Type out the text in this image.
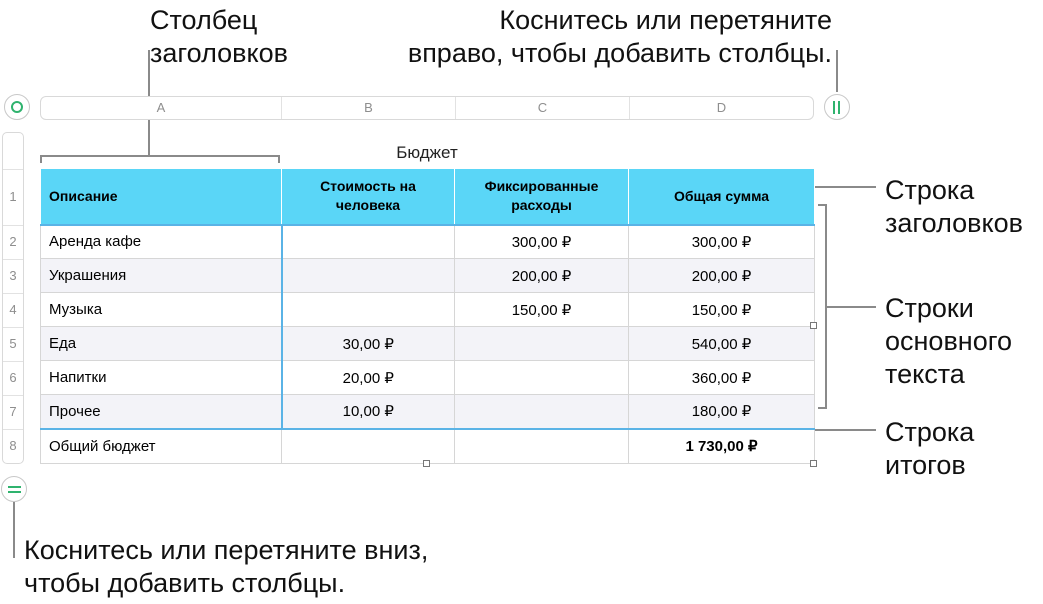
Столбец
заголовков
Коснитесь или перетяните
вправо, чтобы добавить столбцы.
Строка
заголовков
Строки
основного
текста
Строка
итогов
Коснитесь или перетяните вниз,
чтобы добавить столбцы.
A	B	C	D
1
2
3
4
5
6
7
8
Бюджет
Описание	Стоимость на человека	Фиксированные расходы	Общая сумма
Аренда кафе		300,00 ₽	300,00 ₽
Украшения		200,00 ₽	200,00 ₽
Музыка		150,00 ₽	150,00 ₽
Еда	30,00 ₽		540,00 ₽
Напитки	20,00 ₽		360,00 ₽
Прочее	10,00 ₽		180,00 ₽
Общий бюджет			1 730,00 ₽
